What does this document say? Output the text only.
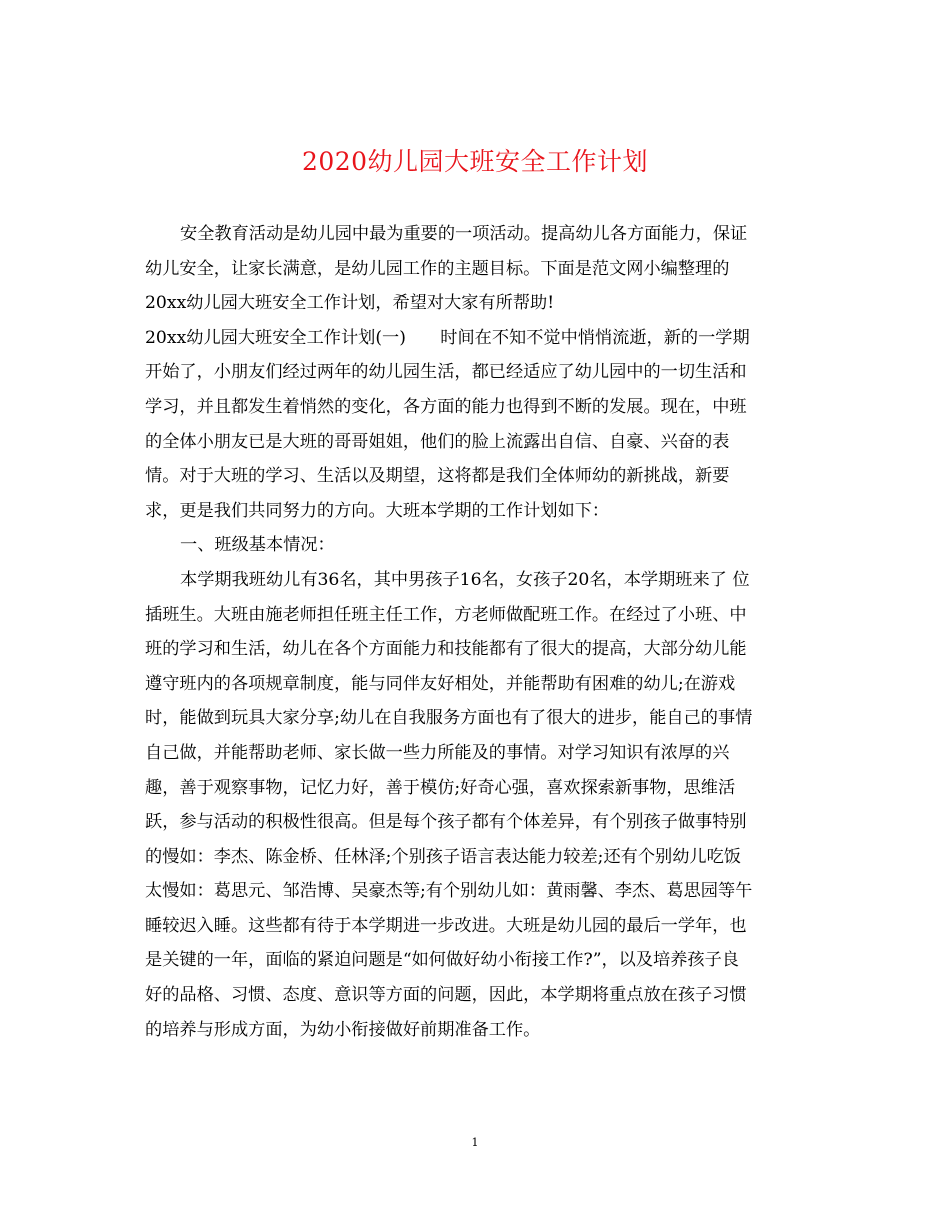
2020幼儿园大班安全工作计划
安全教育活动是幼儿园中最为重要的一项活动。提高幼儿各方面能力，保证
幼儿安全，让家长满意，是幼儿园工作的主题目标。下面是范文网小编整理的
20xx幼儿园大班安全工作计划，希望对大家有所帮助!
20xx幼儿园大班安全工作计划(一)　　时间在不知不觉中悄悄流逝，新的一学期
开始了，小朋友们经过两年的幼儿园生活，都已经适应了幼儿园中的一切生活和
学习，并且都发生着悄然的变化，各方面的能力也得到不断的发展。现在，中班
的全体小朋友已是大班的哥哥姐姐，他们的脸上流露出自信、自豪、兴奋的表
情。对于大班的学习、生活以及期望，这将都是我们全体师幼的新挑战，新要
求，更是我们共同努力的方向。大班本学期的工作计划如下：
一、班级基本情况：
本学期我班幼儿有36名，其中男孩子16名，女孩子20名，本学期班来了 位
插班生。大班由施老师担任班主任工作，方老师做配班工作。在经过了小班、中
班的学习和生活，幼儿在各个方面能力和技能都有了很大的提高，大部分幼儿能
遵守班内的各项规章制度，能与同伴友好相处，并能帮助有困难的幼儿;在游戏
时，能做到玩具大家分享;幼儿在自我服务方面也有了很大的进步，能自己的事情
自己做，并能帮助老师、家长做一些力所能及的事情。对学习知识有浓厚的兴
趣，善于观察事物，记忆力好，善于模仿;好奇心强，喜欢探索新事物，思维活
跃，参与活动的积极性很高。但是每个孩子都有个体差异，有个别孩子做事特别
的慢如：李杰、陈金桥、任林泽;个别孩子语言表达能力较差;还有个别幼儿吃饭
太慢如：葛思元、邹浩博、吴豪杰等;有个别幼儿如：黄雨馨、李杰、葛思园等午
睡较迟入睡。这些都有待于本学期进一步改进。大班是幼儿园的最后一学年，也
是关键的一年，面临的紧迫问题是“如何做好幼小衔接工作?”，以及培养孩子良
好的品格、习惯、态度、意识等方面的问题，因此，本学期将重点放在孩子习惯
的培养与形成方面，为幼小衔接做好前期准备工作。
1
